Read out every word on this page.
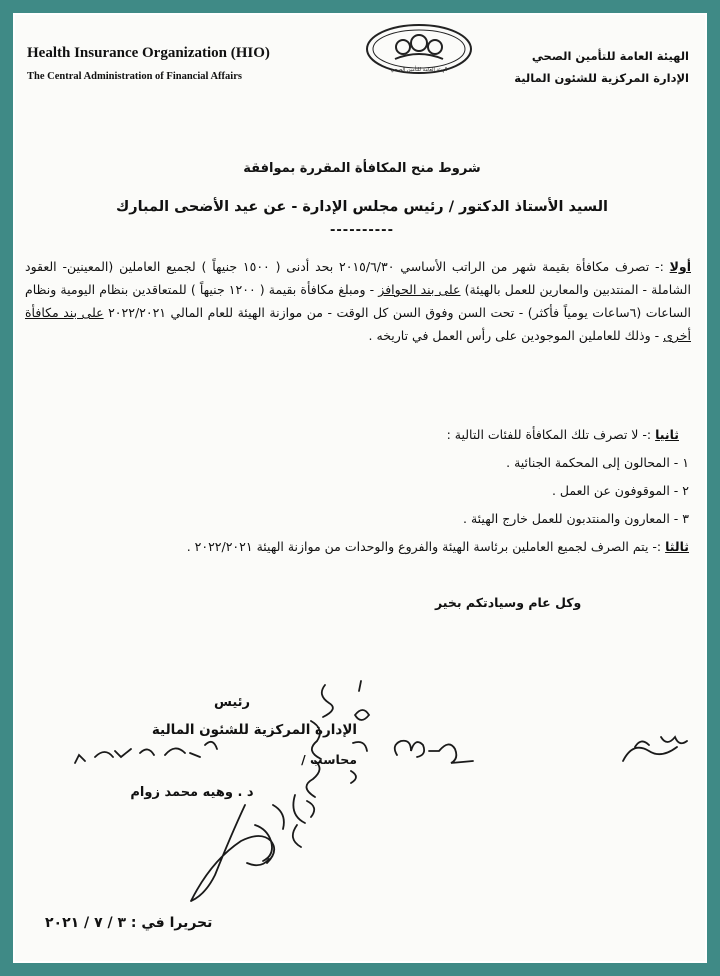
Health Insurance Organization (HIO)
The Central Administration of Financial Affairs
الهيئة العامة للتأمين الصحي
الهيئة العامة للتأمين الصحي
الإدارة المركزية للشئون المالية
شروط منح المكافأة المقررة بموافقة
السيد الأستاذ الدكتور / رئيس مجلس الإدارة - عن عيد الأضحى المبارك
----------

أولا :- تصرف مكافأة بقيمة شهر من الراتب الأساسي ٢٠١٥/٦/٣٠ بحد أدنى ( ١٥٠٠ جنيهاً ) لجميع العاملين (المعينين- العقود الشاملة - المنتدبين والمعارين للعمل بالهيئة) على بند الحوافز - ومبلغ مكافأة بقيمة ( ١٢٠٠ جنيهاً ) للمتعاقدين بنظام اليومية ونظام الساعات (٦ساعات يومياً فأكثر) - تحت السن وفوق السن كل الوقت - من موازنة الهيئة للعام المالي ٢٠٢٢/٢٠٢١ على بند مكافأة أخرى - وذلك للعاملين الموجودين على رأس العمل في تاريخه .

ثانيا :- لا تصرف تلك المكافأة للفئات التالية :
١ - المحالون إلى المحكمة الجنائية .
٢ - الموقوفون عن العمل .
٣ - المعارون والمنتدبون للعمل خارج الهيئة .
ثالثا :- يتم الصرف لجميع العاملين برئاسة الهيئة والفروع والوحدات من موازنة الهيئة ٢٠٢٢/٢٠٢١ .
وكل عام وسيادتكم بخير
رئيس
الإدارة المركزية للشئون المالية
محاسب /
د . وهيه محمد زوام
تحريرا في : ٣ / ٧ / ٢٠٢١
